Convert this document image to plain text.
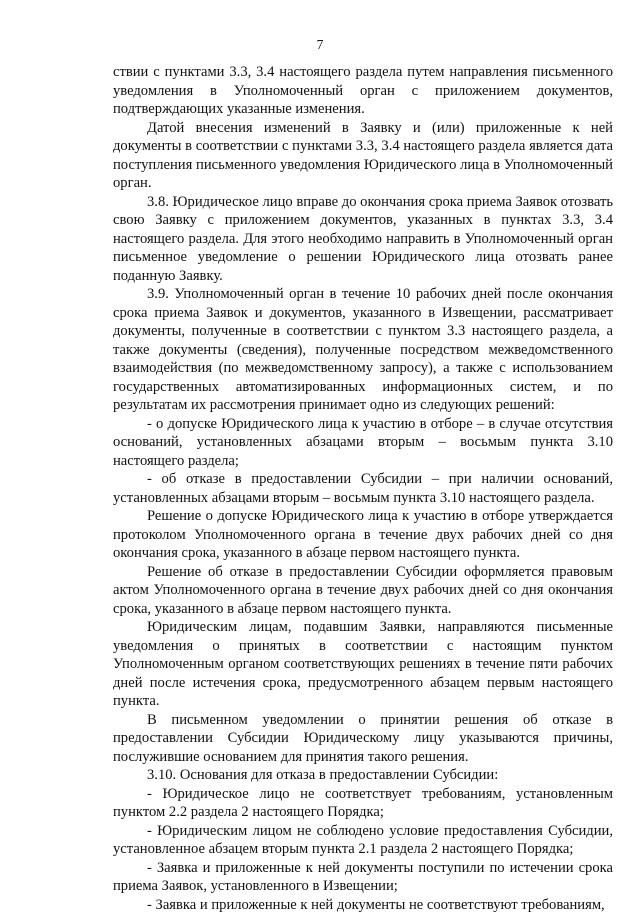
7

ствии с пунктами 3.3, 3.4 настоящего раздела путем направления письменного уведомления в Уполномоченный орган с приложением документов, подтверждающих указанные изменения.

Датой внесения изменений в Заявку и (или) приложенные к ней документы в соответствии с пунктами 3.3, 3.4 настоящего раздела является дата поступления письменного уведомления Юридического лица в Уполномоченный орган.

3.8. Юридическое лицо вправе до окончания срока приема Заявок отозвать свою Заявку с приложением документов, указанных в пунктах 3.3, 3.4 настоящего раздела. Для этого необходимо направить в Уполномоченный орган письменное уведомление о решении Юридического лица отозвать ранее поданную Заявку.

3.9. Уполномоченный орган в течение 10 рабочих дней после окончания срока приема Заявок и документов, указанного в Извещении, рассматривает документы, полученные в соответствии с пунктом 3.3 настоящего раздела, а также документы (сведения), полученные посредством межведомственного взаимодействия (по межведомственному запросу), а также с использованием государственных автоматизированных информационных систем, и по результатам их рассмотрения принимает одно из следующих решений:

- о допуске Юридического лица к участию в отборе – в случае отсутствия оснований, установленных абзацами вторым – восьмым пункта 3.10 настоящего раздела;

- об отказе в предоставлении Субсидии – при наличии оснований, установленных абзацами вторым – восьмым пункта 3.10 настоящего раздела.

Решение о допуске Юридического лица к участию в отборе утверждается протоколом Уполномоченного органа в течение двух рабочих дней со дня окончания срока, указанного в абзаце первом настоящего пункта.

Решение об отказе в предоставлении Субсидии оформляется правовым актом Уполномоченного органа в течение двух рабочих дней со дня окончания срока, указанного в абзаце первом настоящего пункта.

Юридическим лицам, подавшим Заявки, направляются письменные уведомления о принятых в соответствии с настоящим пунктом Уполномоченным органом соответствующих решениях в течение пяти рабочих дней после истечения срока, предусмотренного абзацем первым настоящего пункта.

В письменном уведомлении о принятии решения об отказе в предоставлении Субсидии Юридическому лицу указываются причины, послужившие основанием для принятия такого решения.

3.10. Основания для отказа в предоставлении Субсидии:

- Юридическое лицо не соответствует требованиям, установленным пунктом 2.2 раздела 2 настоящего Порядка;

- Юридическим лицом не соблюдено условие предоставления Субсидии, установленное абзацем вторым пункта 2.1 раздела 2 настоящего Порядка;

- Заявка и приложенные к ней документы поступили по истечении срока приема Заявок, установленного в Извещении;

- Заявка и приложенные к ней документы не соответствуют требованиям,
